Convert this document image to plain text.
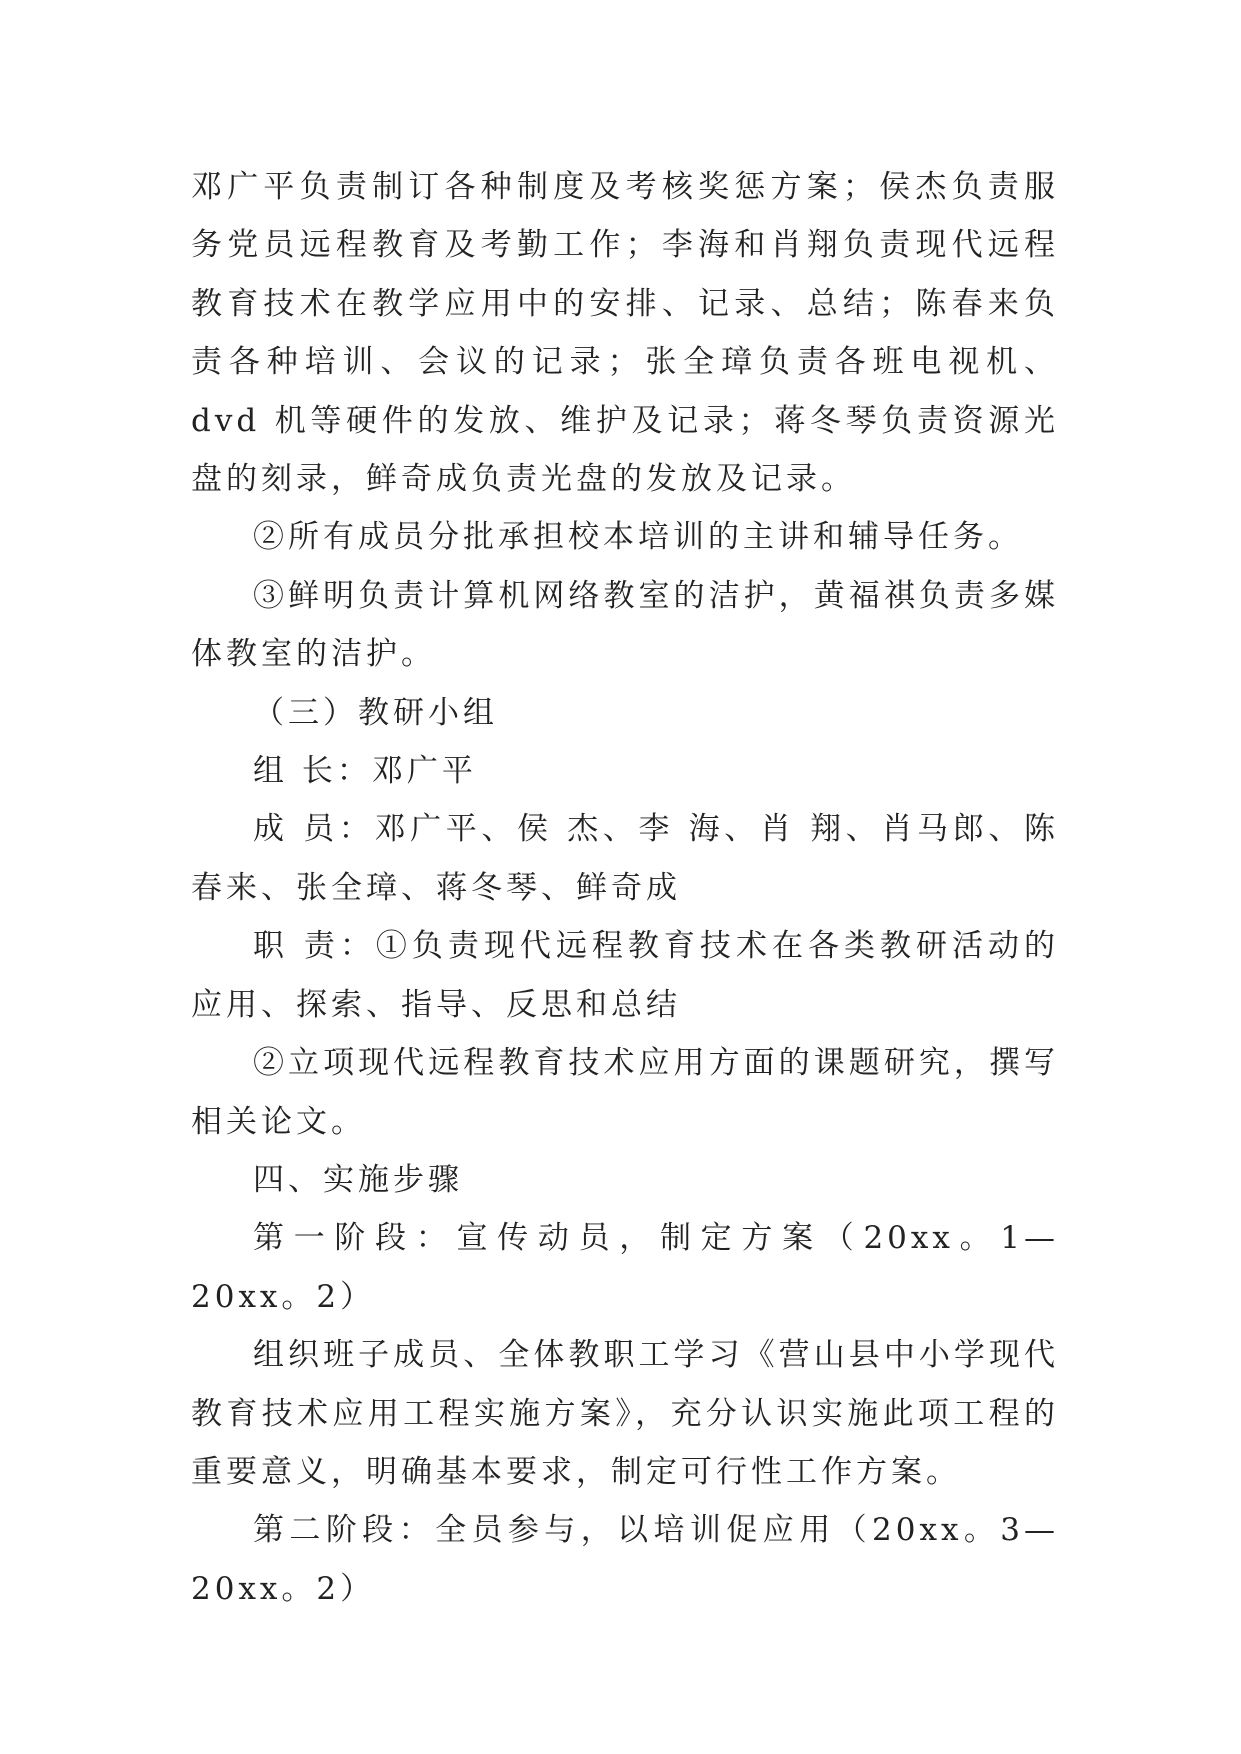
邓广平负责制订各种制度及考核奖惩方案；侯杰负责服务党员远程教育及考勤工作；李海和肖翔负责现代远程教育技术在教学应用中的安排、记录、总结；陈春来负责各种培训、会议的记录；张全璋负责各班电视机、dvd 机等硬件的发放、维护及记录；蒋冬琴负责资源光盘的刻录，鲜奇成负责光盘的发放及记录。

②所有成员分批承担校本培训的主讲和辅导任务。

③鲜明负责计算机网络教室的洁护，黄福祺负责多媒体教室的洁护。

（三）教研小组

组 长：邓广平

成 员：邓广平、侯 杰、李 海、肖 翔、肖马郎、陈春来、张全璋、蒋冬琴、鲜奇成

职 责：①负责现代远程教育技术在各类教研活动的应用、探索、指导、反思和总结

②立项现代远程教育技术应用方面的课题研究，撰写相关论文。

四、实施步骤

第一阶段：宣传动员，制定方案（20xx。1—20xx。2）

组织班子成员、全体教职工学习《营山县中小学现代教育技术应用工程实施方案》，充分认识实施此项工程的重要意义，明确基本要求，制定可行性工作方案。

第二阶段：全员参与，以培训促应用（20xx。3—20xx。2）
